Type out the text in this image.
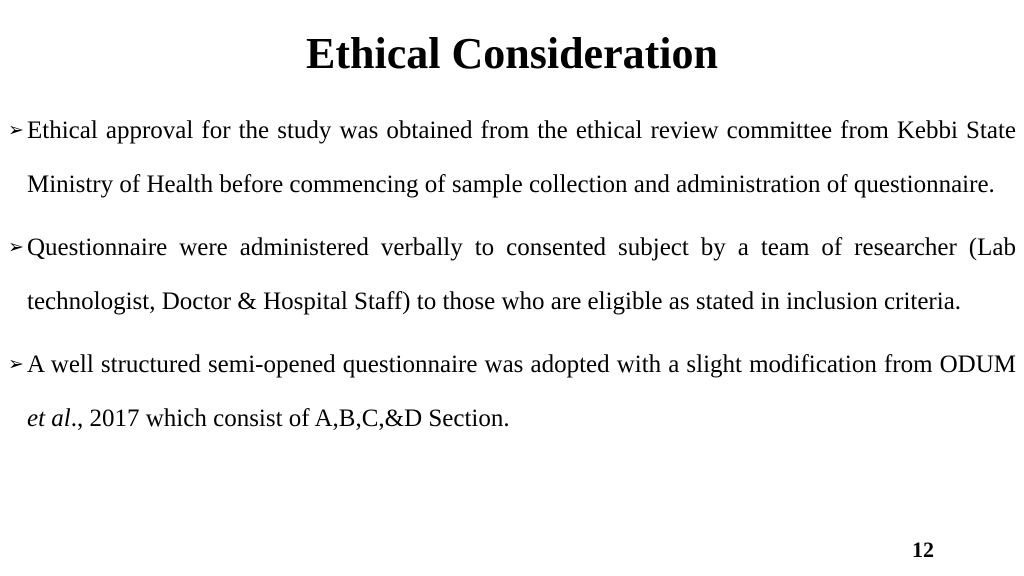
Ethical Consideration
➢ Ethical approval for the study was obtained from the ethical review committee from Kebbi State Ministry of Health before commencing of sample collection and administration of questionnaire.
➢ Questionnaire were administered verbally to consented subject by a team of researcher (Lab technologist, Doctor & Hospital Staff) to those who are eligible as stated in inclusion criteria.
➢ A well structured semi-opened questionnaire was adopted with a slight modification from ODUM et al., 2017 which consist of A,B,C,&D Section.
12
